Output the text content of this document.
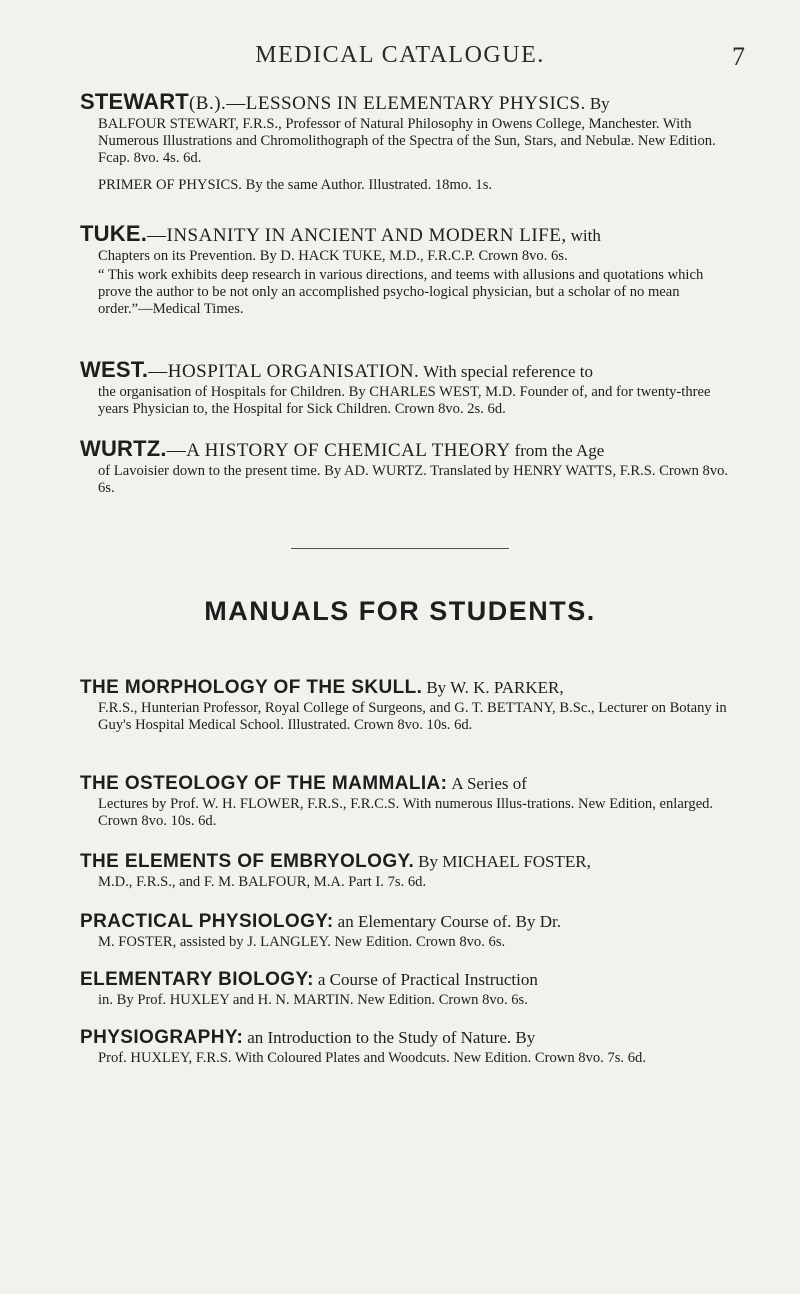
MEDICAL CATALOGUE.	7

STEWART(B.).—LESSONS IN ELEMENTARY PHYSICS. By

BALFOUR STEWART, F.R.S., Professor of Natural Philosophy in Owens College, Manchester. With Numerous Illustrations and Chromolithograph of the Spectra of the Sun, Stars, and Nebulæ. New Edition. Fcap. 8vo. 4s. 6d.

PRIMER OF PHYSICS. By the same Author. Illustrated. 18mo. 1s.

TUKE.—INSANITY IN ANCIENT AND MODERN LIFE, with

Chapters on its Prevention. By D. HACK TUKE, M.D., F.R.C.P. Crown 8vo. 6s.

“ This work exhibits deep research in various directions, and teems with allusions and quotations which prove the author to be not only an accomplished psycho-logical physician, but a scholar of no mean order.”—Medical Times.

WEST.—HOSPITAL ORGANISATION. With special reference to

the organisation of Hospitals for Children. By CHARLES WEST, M.D. Founder of, and for twenty-three years Physician to, the Hospital for Sick Children. Crown 8vo. 2s. 6d.

WURTZ.—A HISTORY OF CHEMICAL THEORY from the Age

of Lavoisier down to the present time. By AD. WURTZ. Translated by HENRY WATTS, F.R.S. Crown 8vo. 6s.

MANUALS FOR STUDENTS.

THE MORPHOLOGY OF THE SKULL. By W. K. PARKER,

F.R.S., Hunterian Professor, Royal College of Surgeons, and G. T. BETTANY, B.Sc., Lecturer on Botany in Guy's Hospital Medical School. Illustrated. Crown 8vo. 10s. 6d.

THE OSTEOLOGY OF THE MAMMALIA: A Series of

Lectures by Prof. W. H. FLOWER, F.R.S., F.R.C.S. With numerous Illus-trations. New Edition, enlarged. Crown 8vo. 10s. 6d.

THE ELEMENTS OF EMBRYOLOGY. By MICHAEL FOSTER,

M.D., F.R.S., and F. M. BALFOUR, M.A. Part I. 7s. 6d.

PRACTICAL PHYSIOLOGY: an Elementary Course of. By Dr.

M. FOSTER, assisted by J. LANGLEY. New Edition. Crown 8vo. 6s.

ELEMENTARY BIOLOGY: a Course of Practical Instruction

in. By Prof. HUXLEY and H. N. MARTIN. New Edition. Crown 8vo. 6s.

PHYSIOGRAPHY: an Introduction to the Study of Nature. By

Prof. HUXLEY, F.R.S. With Coloured Plates and Woodcuts. New Edition. Crown 8vo. 7s. 6d.
